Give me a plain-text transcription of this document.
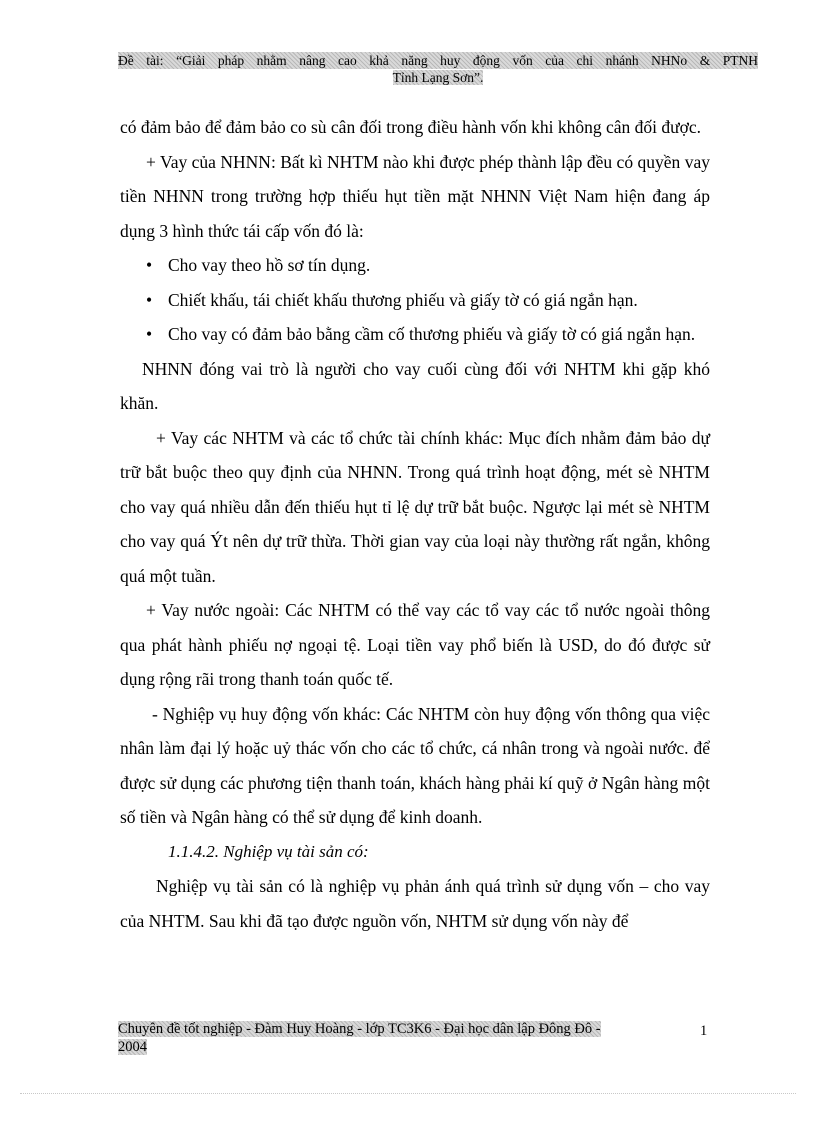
Đề tài: “Giải pháp nhằm nâng cao khả năng huy động vốn của chi nhánh NHNo & PTNH
Tỉnh Lạng Sơn”.

có đảm bảo để đảm bảo co sù cân đối trong điều hành vốn khi không cân đối được.

+ Vay của NHNN: Bất kì NHTM nào khi được phép thành lập đều có quyền vay tiền NHNN trong trường hợp thiếu hụt tiền mặt NHNN Việt Nam hiện đang áp dụng 3 hình thức tái cấp vốn đó là:

• Cho vay theo hồ sơ tín dụng.

• Chiết khấu, tái chiết khấu thương phiếu và giấy tờ có giá ngắn hạn.

• Cho vay có đảm bảo bằng cầm cố thương phiếu và giấy tờ có giá ngắn hạn.

NHNN đóng vai trò là người cho vay cuối cùng đối với NHTM khi gặp khó khăn.

+ Vay các NHTM và các tổ chức tài chính khác: Mục đích nhằm đảm bảo dự trữ bắt buộc theo quy định của NHNN. Trong quá trình hoạt động, mét sè NHTM cho vay quá nhiều dẫn đến thiếu hụt tỉ lệ dự trữ bắt buộc. Ngược lại mét sè NHTM cho vay quá Ýt nên dự trữ thừa. Thời gian vay của loại này thường rất ngắn, không quá một tuần.

+ Vay nước ngoài: Các NHTM có thể vay các tổ vay các tổ nước ngoài thông qua phát hành phiếu nợ ngoại tệ. Loại tiền vay phổ biến là USD, do đó được sử dụng rộng rãi trong thanh toán quốc tế.

- Nghiệp vụ huy động vốn khác: Các NHTM còn huy động vốn thông qua việc nhân làm đại lý hoặc uỷ thác vốn cho các tổ chức, cá nhân trong và ngoài nước. để được sử dụng các phương tiện thanh toán, khách hàng phải kí quỹ ở Ngân hàng một số tiền và Ngân hàng có thể sử dụng để kinh doanh.

1.1.4.2. Nghiệp vụ tài sản có:

Nghiệp vụ tài sản có là nghiệp vụ phản ánh quá trình sử dụng vốn – cho vay của NHTM. Sau khi đã tạo được nguồn vốn, NHTM sử dụng vốn này để

Chuyên đề tốt nghiệp - Đàm Huy Hoàng - lớp TC3K6 - Đại học dân lập Đông Đô -
2004
1
